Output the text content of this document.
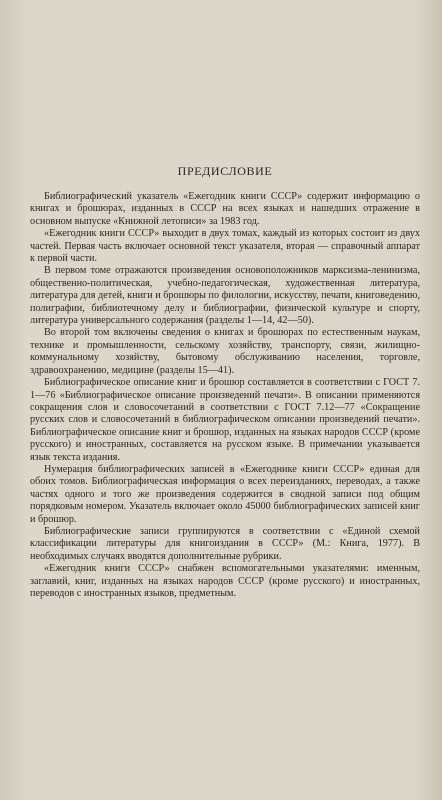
ПРЕДИСЛОВИЕ

Библиографический указатель «Ежегодник книги СССР» содержит информацию о книгах и брошюрах, изданных в СССР на всех языках и нашедших отражение в основном выпуске «Книжной летописи» за 1983 год.

«Ежегодник книги СССР» выходит в двух томах, каждый из которых состоит из двух частей. Первая часть включает основной текст указателя, вторая — справочный аппарат к первой части.

В первом томе отражаются произведения основоположников марксизма-ленинизма, общественно-политическая, учебно-педагогическая, художественная литература, литература для детей, книги и брошюры по филологии, искусству, печати, книговедению, полиграфии, библиотечному делу и библиографии, физической культуре и спорту, литература универсального содержания (разделы 1—14, 42—50).

Во второй том включены сведения о книгах и брошюрах по естественным наукам, технике и промышленности, сельскому хозяйству, транспорту, связи, жилищно-коммунальному хозяйству, бытовому обслуживанию населения, торговле, здравоохранению, медицине (разделы 15—41).

Библиографическое описание книг и брошюр составляется в соответствии с ГОСТ 7. 1—76 «Библиографическое описание произведений печати». В описании применяются сокращения слов и словосочетаний в соответствии с ГОСТ 7.12—77 «Сокращение русских слов и словосочетаний в библиографическом описании произведений печати». Библиографическое описание книг и брошюр, изданных на языках народов СССР (кроме русского) и иностранных, составляется на русском языке. В примечании указывается язык текста издания.

Нумерация библиографических записей в «Ежегоднике книги СССР» единая для обоих томов. Библиографическая информация о всех переизданиях, переводах, а также частях одного и того же произведения содержится в сводной записи под общим порядковым номером. Указатель включает около 45000 библиографических записей книг и брошюр.

Библиографические записи группируются в соответствии с «Единой схемой классификации литературы для книгоиздания в СССР» (М.: Книга, 1977). В необходимых случаях вводятся дополнительные рубрики.

«Ежегодник книги СССР» снабжен вспомогательными указателями: именным, заглавий, книг, изданных на языках народов СССР (кроме русского) и иностранных, переводов с иностранных языков, предметным.
